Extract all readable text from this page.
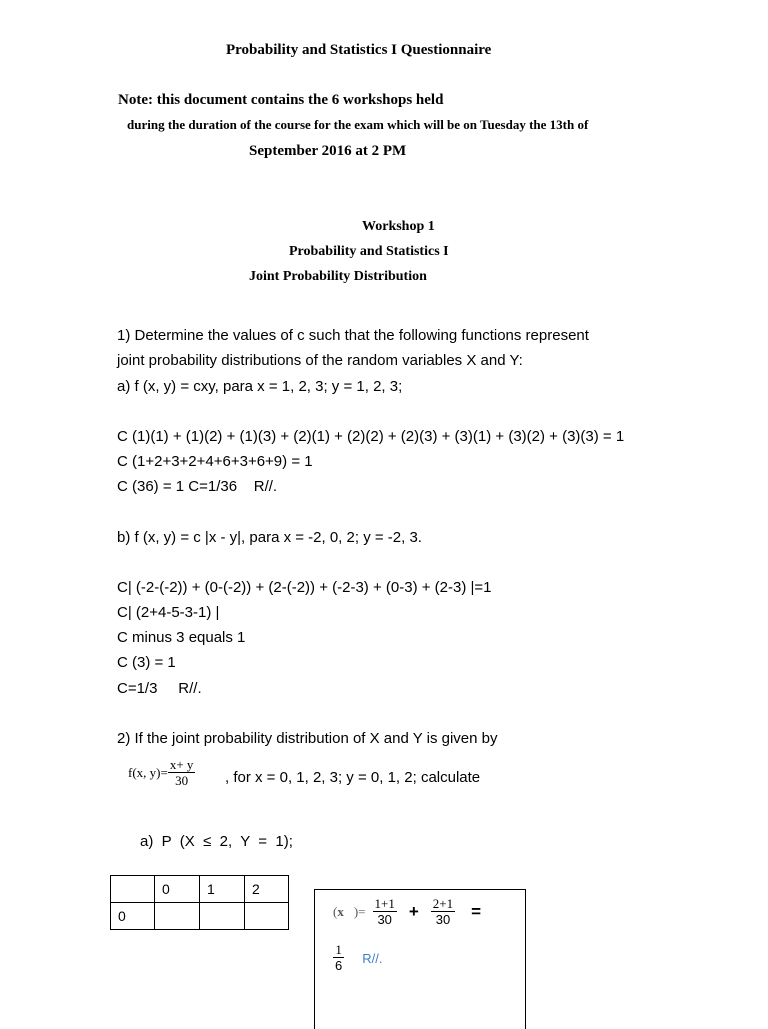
Probability and Statistics I Questionnaire
Note: this document contains the 6 workshops held
during the duration of the course for the exam which will be on Tuesday the 13th of
September 2016 at 2 PM
Workshop 1
Probability and Statistics I
Joint Probability Distribution
1) Determine the values of c such that the following functions represent
joint probability distributions of the random variables X and Y:
a) f (x, y) = cxy, para x = 1, 2, 3; y = 1, 2, 3;
C (1)(1) + (1)(2) + (1)(3) + (2)(1) + (2)(2) + (2)(3) + (3)(1) + (3)(2) + (3)(3) = 1
C (1+2+3+2+4+6+3+6+9) = 1
C (36) = 1 C=1/36    R//.
b) f (x, y) = c |x - y|, para x = -2, 0, 2; y = -2, 3.
C| (-2-(-2)) + (0-(-2)) + (2-(-2)) + (-2-3) + (0-3) + (2-3) |=1
C| (2+4-5-3-1) |
C minus 3 equals 1
C (3) = 1
C=1/3     R//.
2) If the joint probability distribution of X and Y is given by
f(x, $y)= \frac{x+ y}{30}$ , for x = 0, 1, 2, 3; y = 0, 1, 2; calculate
a)  P  (X  ≤  2,  Y  =  1);
	0	1	2
0				(x )= $\frac{1+1}{30} + \frac{2+1}{30}$ =
$\frac{1}{6} R//$.
